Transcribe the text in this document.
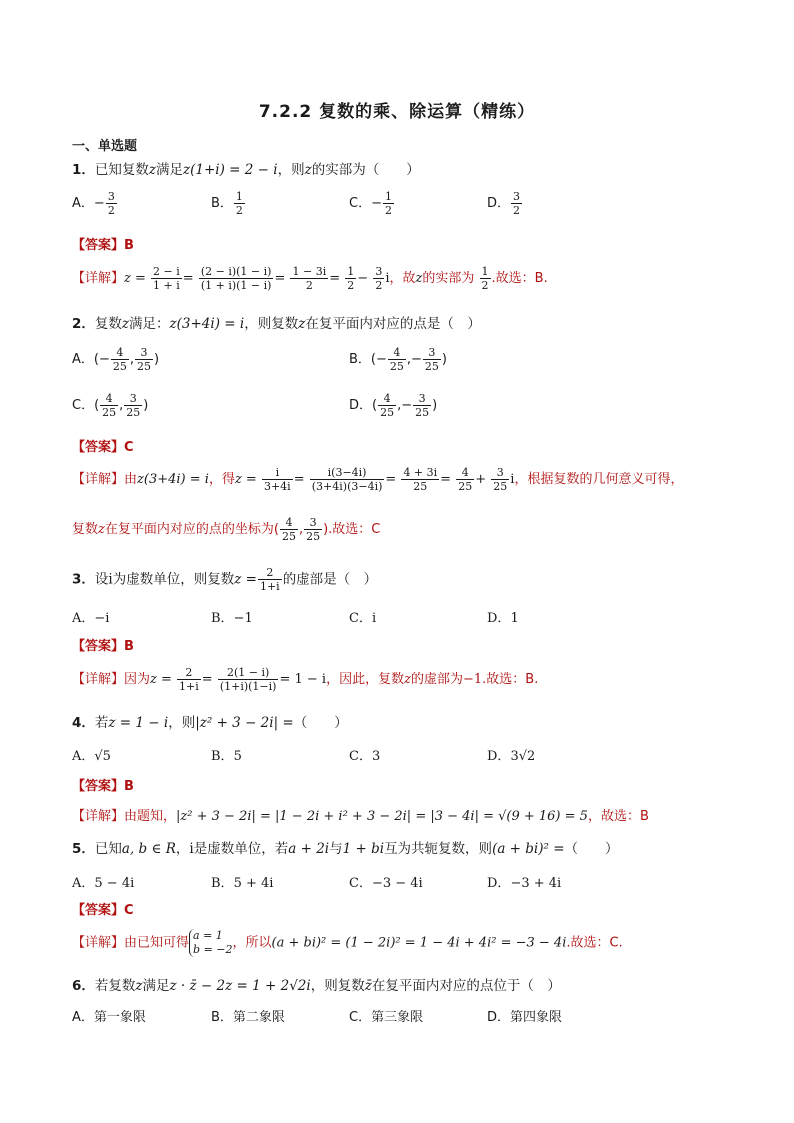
7.2.2 复数的乘、除运算（精练）
一、单选题
1．已知复数z满足z(1+i) = 2 − i，则z的实部为（　　）
A．− $\frac{3}{2}$	B． $\frac{1}{2}$	C．− $\frac{1}{2}$	D． $\frac{3}{2}$
【答案】B
【详解】$z = \frac{2 - i}{1 + i} = \frac{(2 - i)(1 - i)}{(1 + i)(1 - i)} = \frac{1 - 3i}{2} = \frac{1}{2} - \frac{3}{2}$ i，故z的实部为 $\frac{1}{2}$ .故选：B.
2．复数z满足：z(3+4i) = i，则复数z在复平面内对应的点是（　）
A．(− $\frac{4}{25}$ , $\frac{3}{25}$ )	B．(− $\frac{4}{25}$ ,− $\frac{3}{25}$ )
C．( $\frac{4}{25}$ , $\frac{3}{25}$ )	D．( $\frac{4}{25}$ ,− $\frac{3}{25}$ )
【答案】C
【详解】由z(3+4i) = i，得$z = \frac{i}{3+4i} = \frac{i(3-4i)}{(3+4i)(3-4i)} = \frac{4 + 3i}{25} = \frac{4}{25} + \frac{3}{25}$ i，根据复数的几何意义可得，
复数z在复平面内对应的点的坐标为( $\frac{4}{25}$ , $\frac{3}{25}$ ).故选：C
3．设i为虚数单位，则复数$z = \frac{2}{1+i}$ 的虚部是（　）
A．−i	B．−1	C．i	D．1
【答案】B
【详解】因为$z = \frac{2}{1+i} = \frac{2(1 - i)}{(1+i)(1-i)} = 1 - i$，因此，复数z的虚部为−1.故选：B.
4．若z = 1 − i，则|z² + 3 − 2i| =（　　）
A．√5	B．5	C．3	D．3√2
【答案】B
【详解】由题知，|z² + 3 − 2i| = |1 − 2i + i² + 3 − 2i| = |3 − 4i| = √(9 + 16) = 5，故选：B
5．已知a, b ∈ R，i是虚数单位，若a + 2i与1 + bi互为共轭复数，则(a + bi)² =（　　）
A．5 − 4i	B．5 + 4i	C．−3 − 4i	D．−3 + 4i
【答案】C
【详解】由已知可得 a = 1
b = −2 ，所以(a + bi)² = (1 − 2i)² = 1 − 4i + 4i² = −3 − 4i.故选：C.
6．若复数z满足z · z̄ − 2z = 1 + 2√2i，则复数z̄在复平面内对应的点位于（　）
A．第一象限	B．第二象限	C．第三象限	D．第四象限
